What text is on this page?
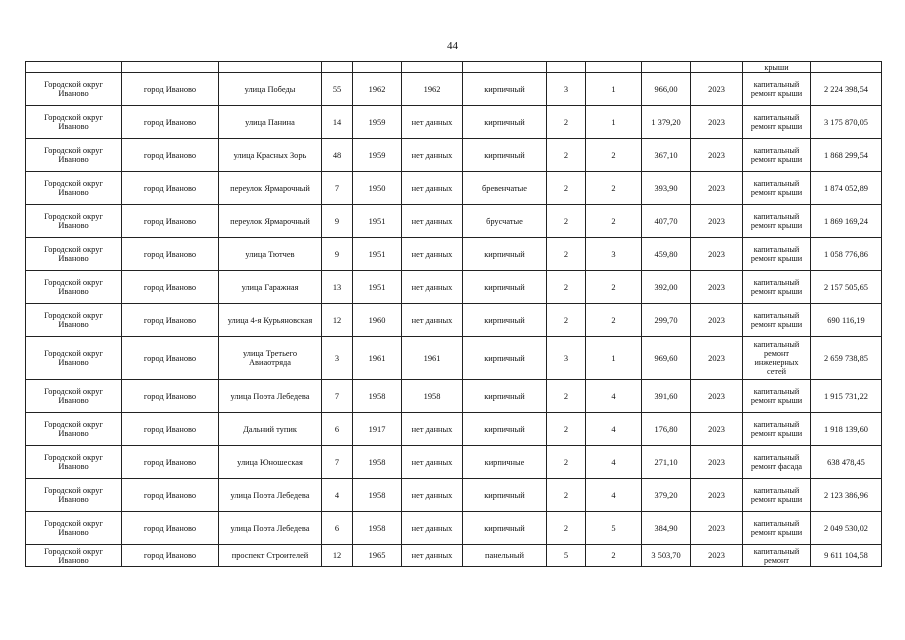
44
											крыши	
Городской округ Иваново	город Иваново	улица Победы	55	1962	1962	кирпичный	3	1	966,00	2023	капитальный ремонт крыши	2 224 398,54
Городской округ Иваново	город Иваново	улица Панина	14	1959	нет данных	кирпичный	2	1	1 379,20	2023	капитальный ремонт крыши	3 175 870,05
Городской округ Иваново	город Иваново	улица Красных Зорь	48	1959	нет данных	кирпичный	2	2	367,10	2023	капитальный ремонт крыши	1 868 299,54
Городской округ Иваново	город Иваново	переулок Ярмарочный	7	1950	нет данных	бревенчатые	2	2	393,90	2023	капитальный ремонт крыши	1 874 052,89
Городской округ Иваново	город Иваново	переулок Ярмарочный	9	1951	нет данных	брусчатые	2	2	407,70	2023	капитальный ремонт крыши	1 869 169,24
Городской округ Иваново	город Иваново	улица Тютчев	9	1951	нет данных	кирпичный	2	3	459,80	2023	капитальный ремонт крыши	1 058 776,86
Городской округ Иваново	город Иваново	улица Гаражная	13	1951	нет данных	кирпичный	2	2	392,00	2023	капитальный ремонт крыши	2 157 505,65
Городской округ Иваново	город Иваново	улица 4-я Курьяновская	12	1960	нет данных	кирпичный	2	2	299,70	2023	капитальный ремонт крыши	690 116,19
Городской округ Иваново	город Иваново	улица Третьего Авиаотряда	3	1961	1961	кирпичный	3	1	969,60	2023	капитальный ремонт инженерных сетей	2 659 738,85
Городской округ Иваново	город Иваново	улица Поэта Лебедева	7	1958	1958	кирпичный	2	4	391,60	2023	капитальный ремонт крыши	1 915 731,22
Городской округ Иваново	город Иваново	Дальний тупик	6	1917	нет данных	кирпичный	2	4	176,80	2023	капитальный ремонт крыши	1 918 139,60
Городской округ Иваново	город Иваново	улица Юношеская	7	1958	нет данных	кирпичные	2	4	271,10	2023	капитальный ремонт фасада	638 478,45
Городской округ Иваново	город Иваново	улица Поэта Лебедева	4	1958	нет данных	кирпичный	2	4	379,20	2023	капитальный ремонт крыши	2 123 386,96
Городской округ Иваново	город Иваново	улица Поэта Лебедева	6	1958	нет данных	кирпичный	2	5	384,90	2023	капитальный ремонт крыши	2 049 530,02
Городской округ Иваново	город Иваново	проспект Строителей	12	1965	нет данных	панельный	5	2	3 503,70	2023	капитальный ремонт	9 611 104,58
